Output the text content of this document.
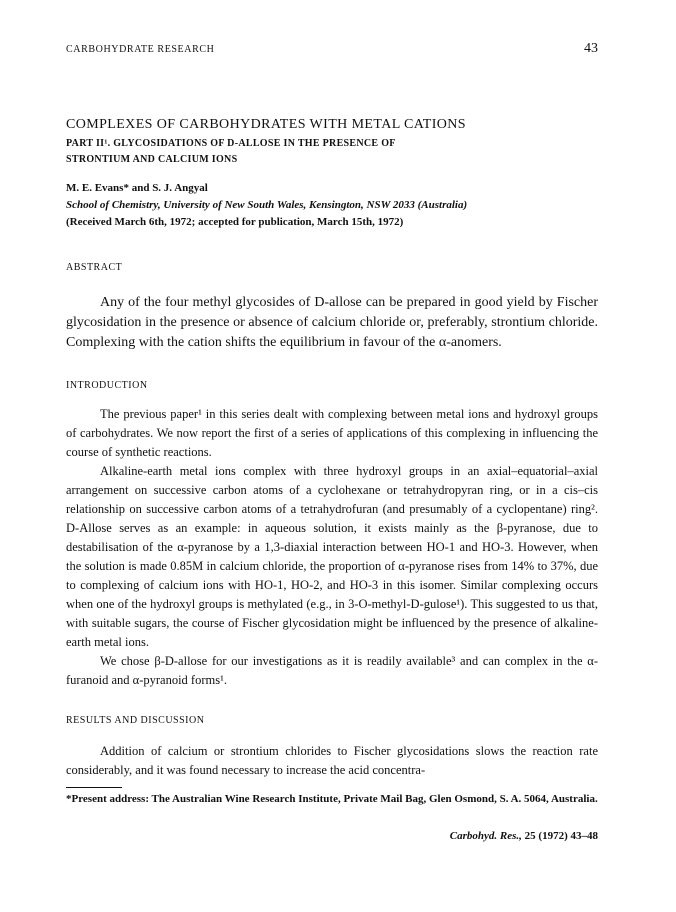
CARBOHYDRATE RESEARCH	43
COMPLEXES OF CARBOHYDRATES WITH METAL CATIONS
PART II¹. GLYCOSIDATIONS OF D-ALLOSE IN THE PRESENCE OF
STRONTIUM AND CALCIUM IONS
M. E. Evans* and S. J. Angyal
School of Chemistry, University of New South Wales, Kensington, NSW 2033 (Australia)
(Received March 6th, 1972; accepted for publication, March 15th, 1972)
ABSTRACT

Any of the four methyl glycosides of D-allose can be prepared in good yield by Fischer glycosidation in the presence or absence of calcium chloride or, preferably, strontium chloride. Complexing with the cation shifts the equilibrium in favour of the α-anomers.

INTRODUCTION

The previous paper¹ in this series dealt with complexing between metal ions and hydroxyl groups of carbohydrates. We now report the first of a series of applications of this complexing in influencing the course of synthetic reactions.

Alkaline-earth metal ions complex with three hydroxyl groups in an axial–equatorial–axial arrangement on successive carbon atoms of a cyclohexane or tetrahydropyran ring, or in a cis–cis relationship on successive carbon atoms of a tetrahydrofuran (and presumably of a cyclopentane) ring². D-Allose serves as an example: in aqueous solution, it exists mainly as the β-pyranose, due to destabilisation of the α-pyranose by a 1,3-diaxial interaction between HO-1 and HO-3. However, when the solution is made 0.85M in calcium chloride, the proportion of α-pyranose rises from 14% to 37%, due to complexing of calcium ions with HO-1, HO-2, and HO-3 in this isomer. Similar complexing occurs when one of the hydroxyl groups is methylated (e.g., in 3-O-methyl-D-gulose¹). This suggested to us that, with suitable sugars, the course of Fischer glycosidation might be influenced by the presence of alkaline-earth metal ions.

We chose β-D-allose for our investigations as it is readily available³ and can complex in the α-furanoid and α-pyranoid forms¹.

RESULTS AND DISCUSSION

Addition of calcium or strontium chlorides to Fischer glycosidations slows the reaction rate considerably, and it was found necessary to increase the acid concentra-

*Present address: The Australian Wine Research Institute, Private Mail Bag, Glen Osmond, S. A. 5064, Australia.
Carbohyd. Res., 25 (1972) 43–48
